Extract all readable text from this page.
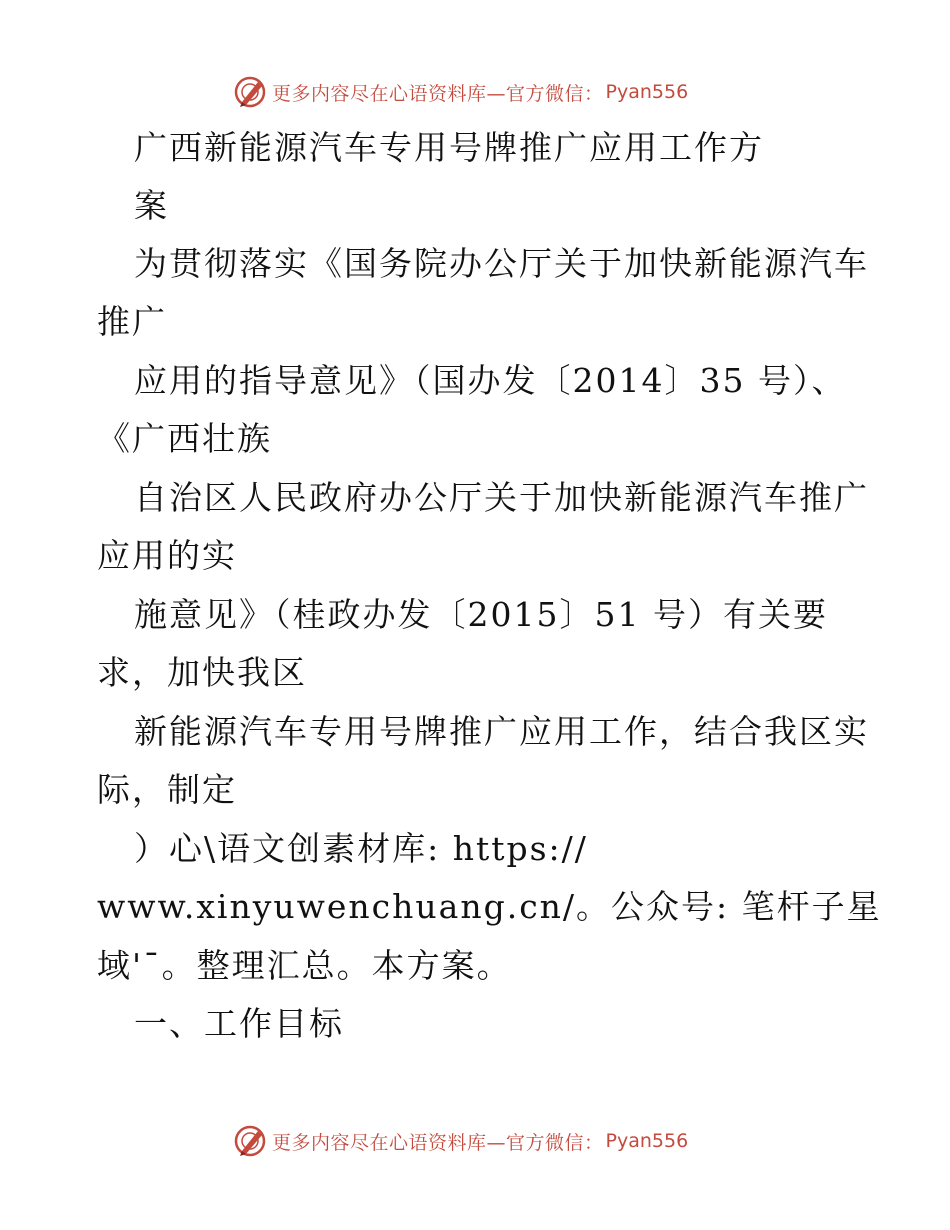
更多内容尽在心语资料库—官方微信： Pyan556
广西新能源汽车专用号牌推广应用工作方
案
为贯彻落实《国务院办公厅关于加快新能源汽车
推广
应用的指导意见》（国办发〔2014〕35 号）、
《广西壮族
自治区人民政府办公厅关于加快新能源汽车推广
应用的实
施意见》（桂政办发〔2015〕51 号）有关要
求，加快我区
新能源汽车专用号牌推广应用工作，结合我区实
际，制定
）心\语文创素材库: https://
www.xinyuwenchuang.cn/。公众号: 笔杆子星
域'¯。整理汇总。本方案。
一、工作目标
更多内容尽在心语资料库—官方微信： Pyan556
